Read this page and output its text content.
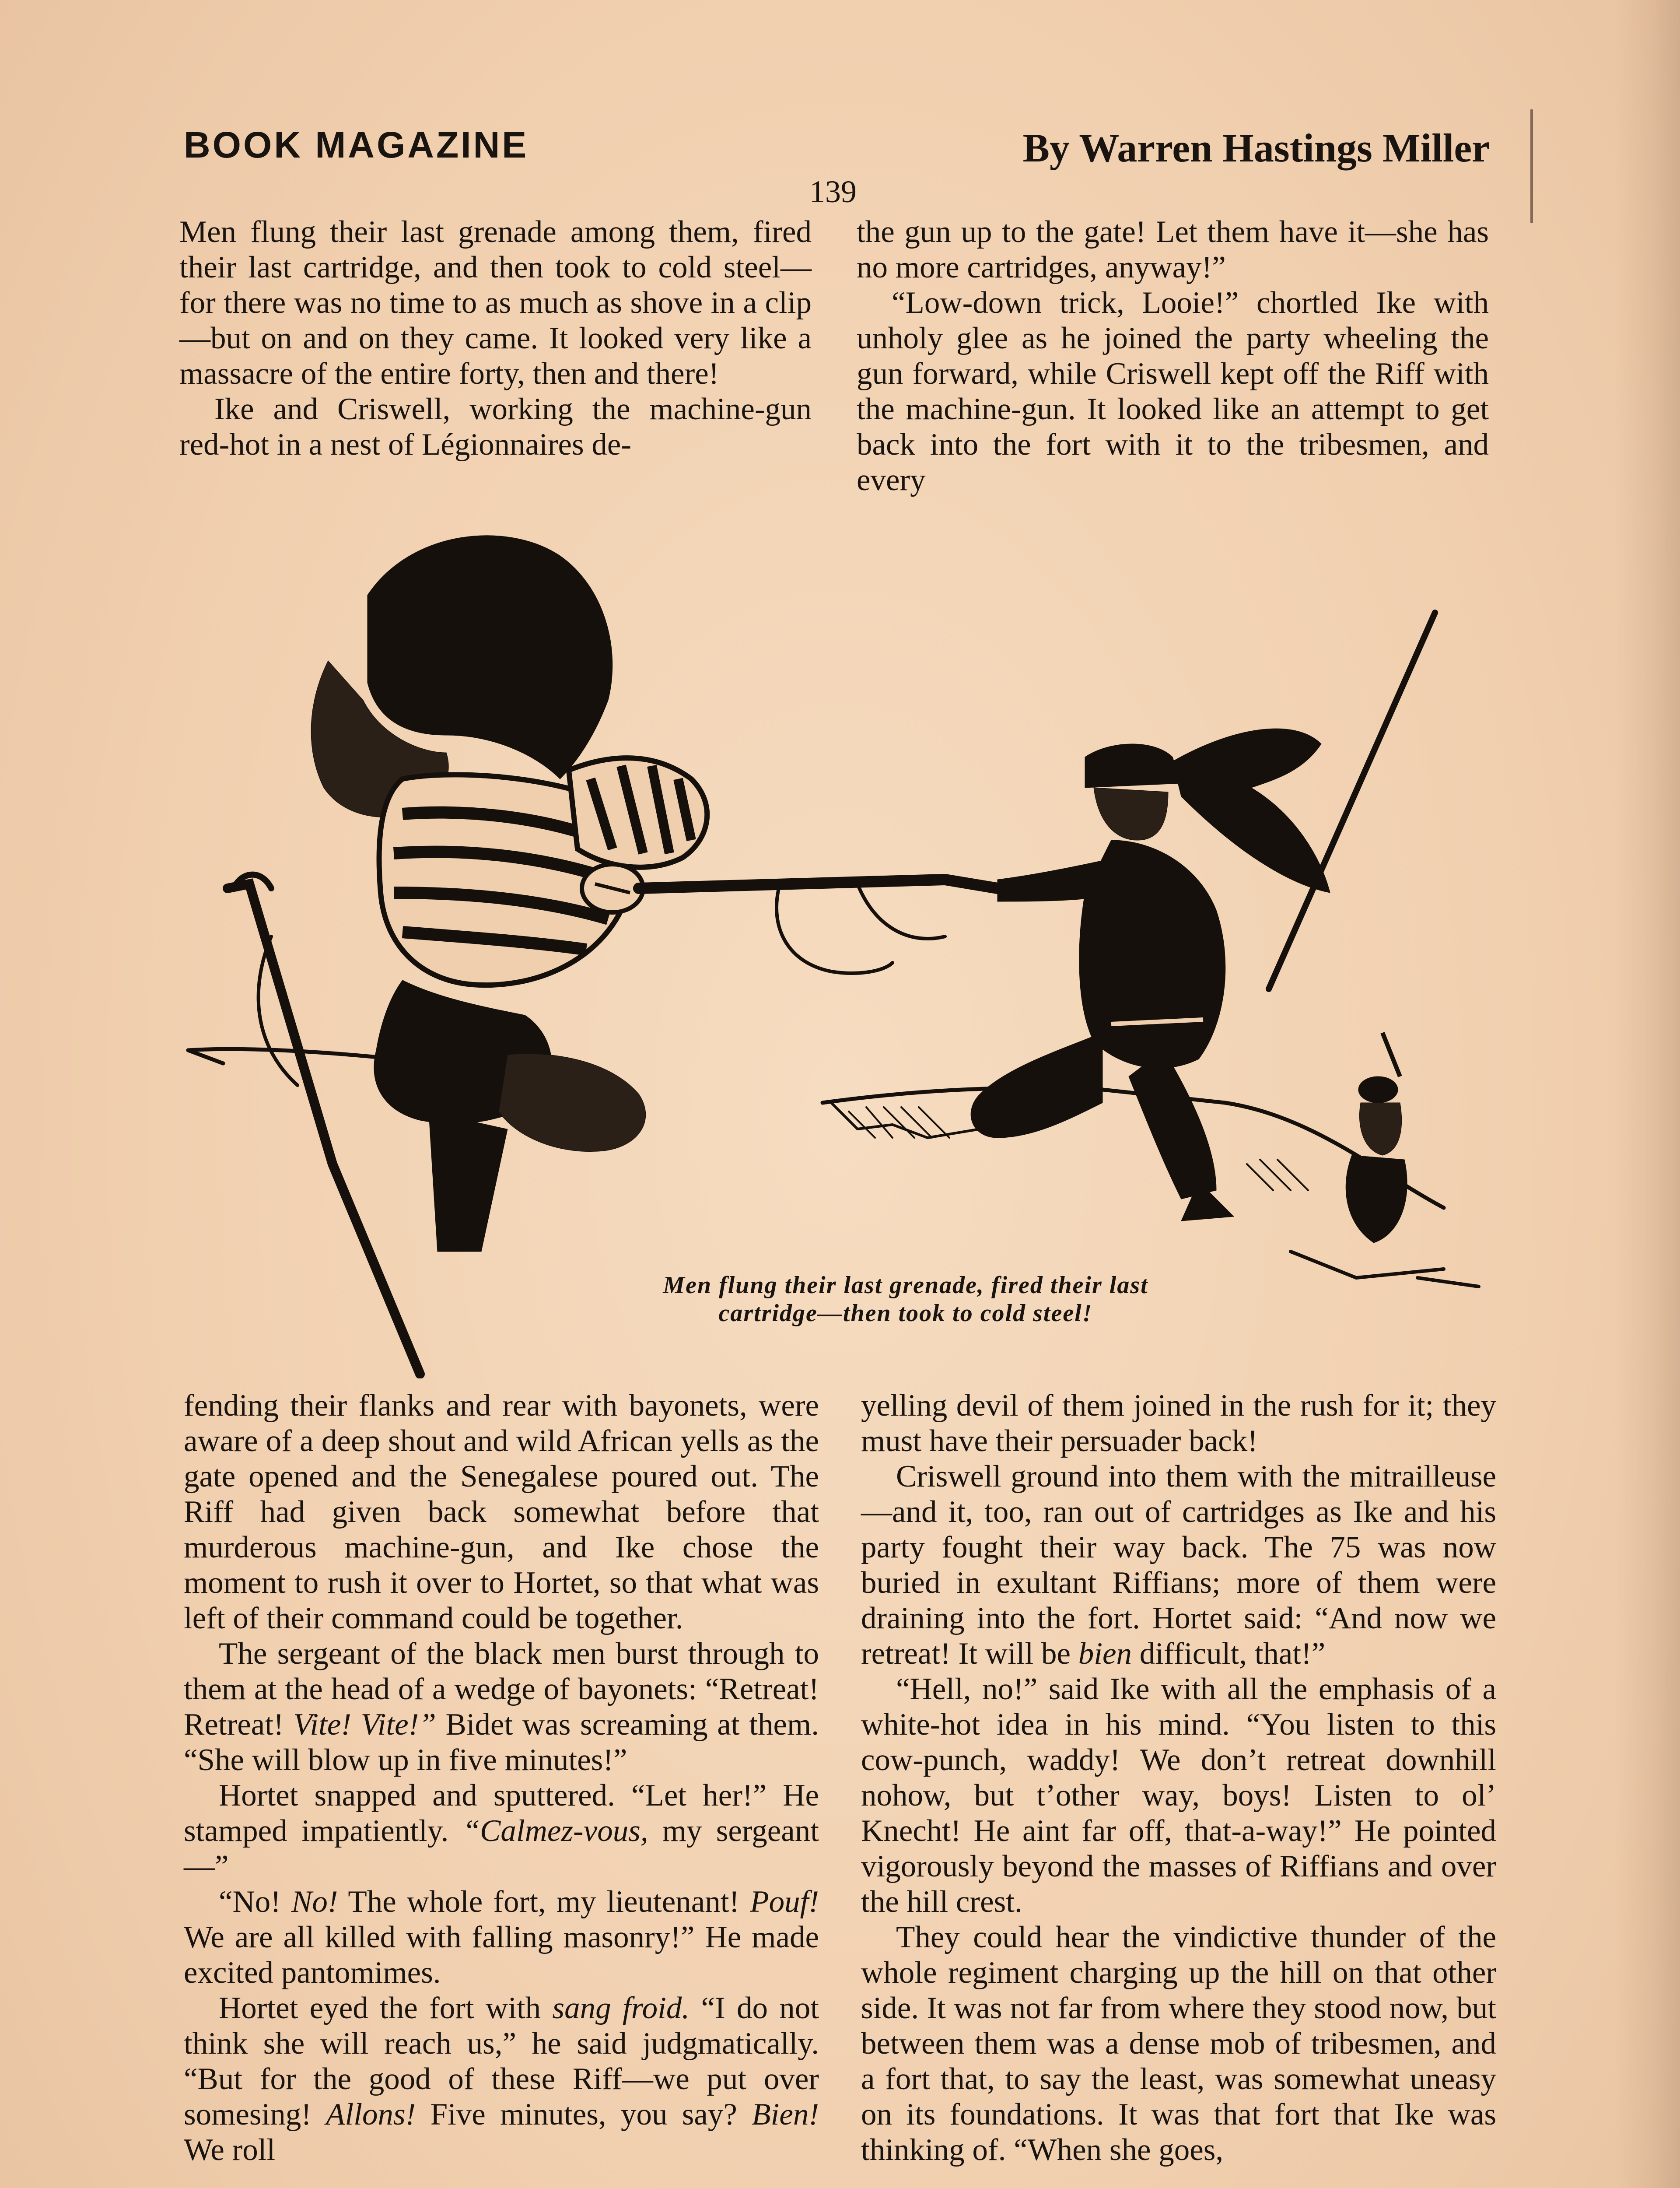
BOOK MAGAZINE	By Warren Hastings Miller
139

Men flung their last grenade among them, fired their last cartridge, and then took to cold steel—for there was no time to as much as shove in a clip—but on and on they came. It looked very like a massacre of the entire forty, then and there!

Ike and Criswell, working the machine-gun red-hot in a nest of Légionnaires de-

the gun up to the gate! Let them have it—she has no more cartridges, anyway!”

“Low-down trick, Looie!” chortled Ike with unholy glee as he joined the party wheeling the gun forward, while Criswell kept off the Riff with the machine-gun. It looked like an attempt to get back into the fort with it to the tribesmen, and every

Men flung their last grenade, fired their last cartridge—then took to cold steel!

fending their flanks and rear with bayonets, were aware of a deep shout and wild African yells as the gate opened and the Senegalese poured out. The Riff had given back somewhat before that murderous machine-gun, and Ike chose the moment to rush it over to Hortet, so that what was left of their command could be together.

The sergeant of the black men burst through to them at the head of a wedge of bayonets: “Retreat! Retreat! Vite! Vite!” Bidet was screaming at them. “She will blow up in five minutes!”

Hortet snapped and sputtered. “Let her!” He stamped impatiently. “Calmez-vous, my sergeant—”

“No! No! The whole fort, my lieutenant! Pouf! We are all killed with falling masonry!” He made excited pantomimes.

Hortet eyed the fort with sang froid. “I do not think she will reach us,” he said judgmatically. “But for the good of these Riff—we put over somesing! Allons! Five minutes, you say? Bien! We roll

yelling devil of them joined in the rush for it; they must have their persuader back!

Criswell ground into them with the mitrailleuse—and it, too, ran out of cartridges as Ike and his party fought their way back. The 75 was now buried in exultant Riffians; more of them were draining into the fort. Hortet said: “And now we retreat! It will be bien difficult, that!”

“Hell, no!” said Ike with all the emphasis of a white-hot idea in his mind. “You listen to this cow-punch, waddy! We don’t retreat downhill nohow, but t’other way, boys! Listen to ol’ Knecht! He aint far off, that-a-way!” He pointed vigorously beyond the masses of Riffians and over the hill crest.

They could hear the vindictive thunder of the whole regiment charging up the hill on that other side. It was not far from where they stood now, but between them was a dense mob of tribesmen, and a fort that, to say the least, was somewhat uneasy on its foundations. It was that fort that Ike was thinking of. “When she goes,
